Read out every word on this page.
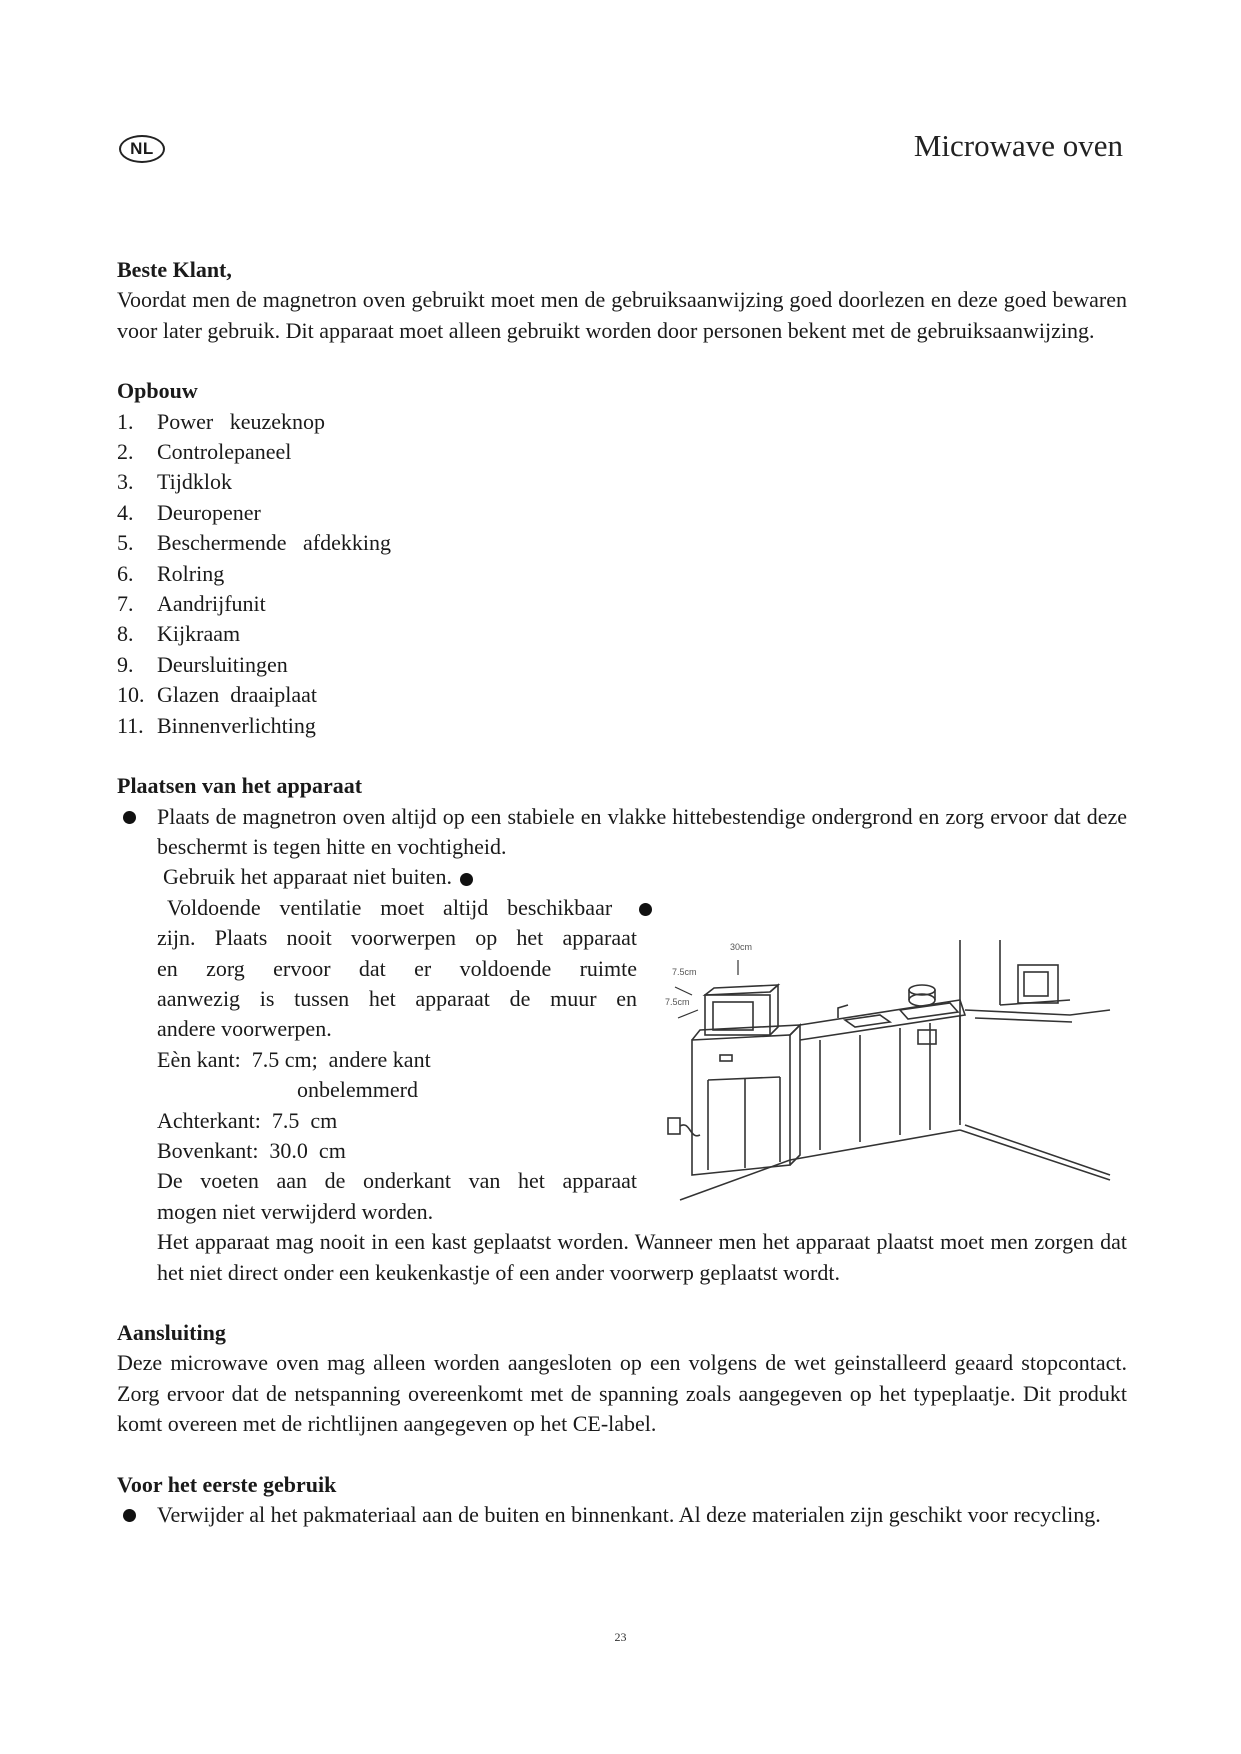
NL	Microwave oven

Beste Klant,

Voordat men de magnetron oven gebruikt moet men de gebruiksaanwijzing goed doorlezen en deze goed bewaren voor later gebruik. Dit apparaat moet alleen gebruikt worden door personen bekent met de gebruiksaanwijzing.

Opbouw

1.	Power   keuzeknop
2.	Controlepaneel
3.	Tijdklok
4.	Deuropener
5.	Beschermende   afdekking
6.	Rolring
7.	Aandrijfunit
8.	Kijkraam
9.	Deursluitingen
10. Glazen  draaiplaat
11. Binnenverlichting

Plaatsen van het apparaat

Plaats de magnetron oven altijd op een stabiele en vlakke hittebestendige ondergrond en zorg ervoor dat deze beschermt is tegen hitte en vochtigheid.

Gebruik het apparaat niet buiten.

Voldoende ventilatie moet altijd beschikbaar

zijn. Plaats nooit voorwerpen op het apparaat

en zorg ervoor dat er voldoende ruimte

aanwezig is tussen het apparaat de muur en

andere voorwerpen.

Eèn kant:  7.5 cm;  andere kant

onbelemmerd

Achterkant:  7.5  cm

Bovenkant:  30.0  cm

De voeten aan de onderkant van het apparaat

mogen niet verwijderd worden.

Het apparaat mag nooit in een kast geplaatst worden. Wanneer men het apparaat plaatst moet men zorgen dat het niet direct onder een keukenkastje of een ander voorwerp geplaatst wordt.

Aansluiting

Deze microwave oven mag alleen worden aangesloten op een volgens de wet geinstalleerd geaard stopcontact. Zorg ervoor dat de netspanning overeenkomt met de spanning zoals aangegeven op het typeplaatje. Dit produkt komt overeen met de richtlijnen aangegeven op het CE-label.

Voor het eerste gebruik

Verwijder al het pakmateriaal aan de buiten en binnenkant. Al deze materialen zijn geschikt voor recycling.
7.5cm
7.5cm
30cm
23
